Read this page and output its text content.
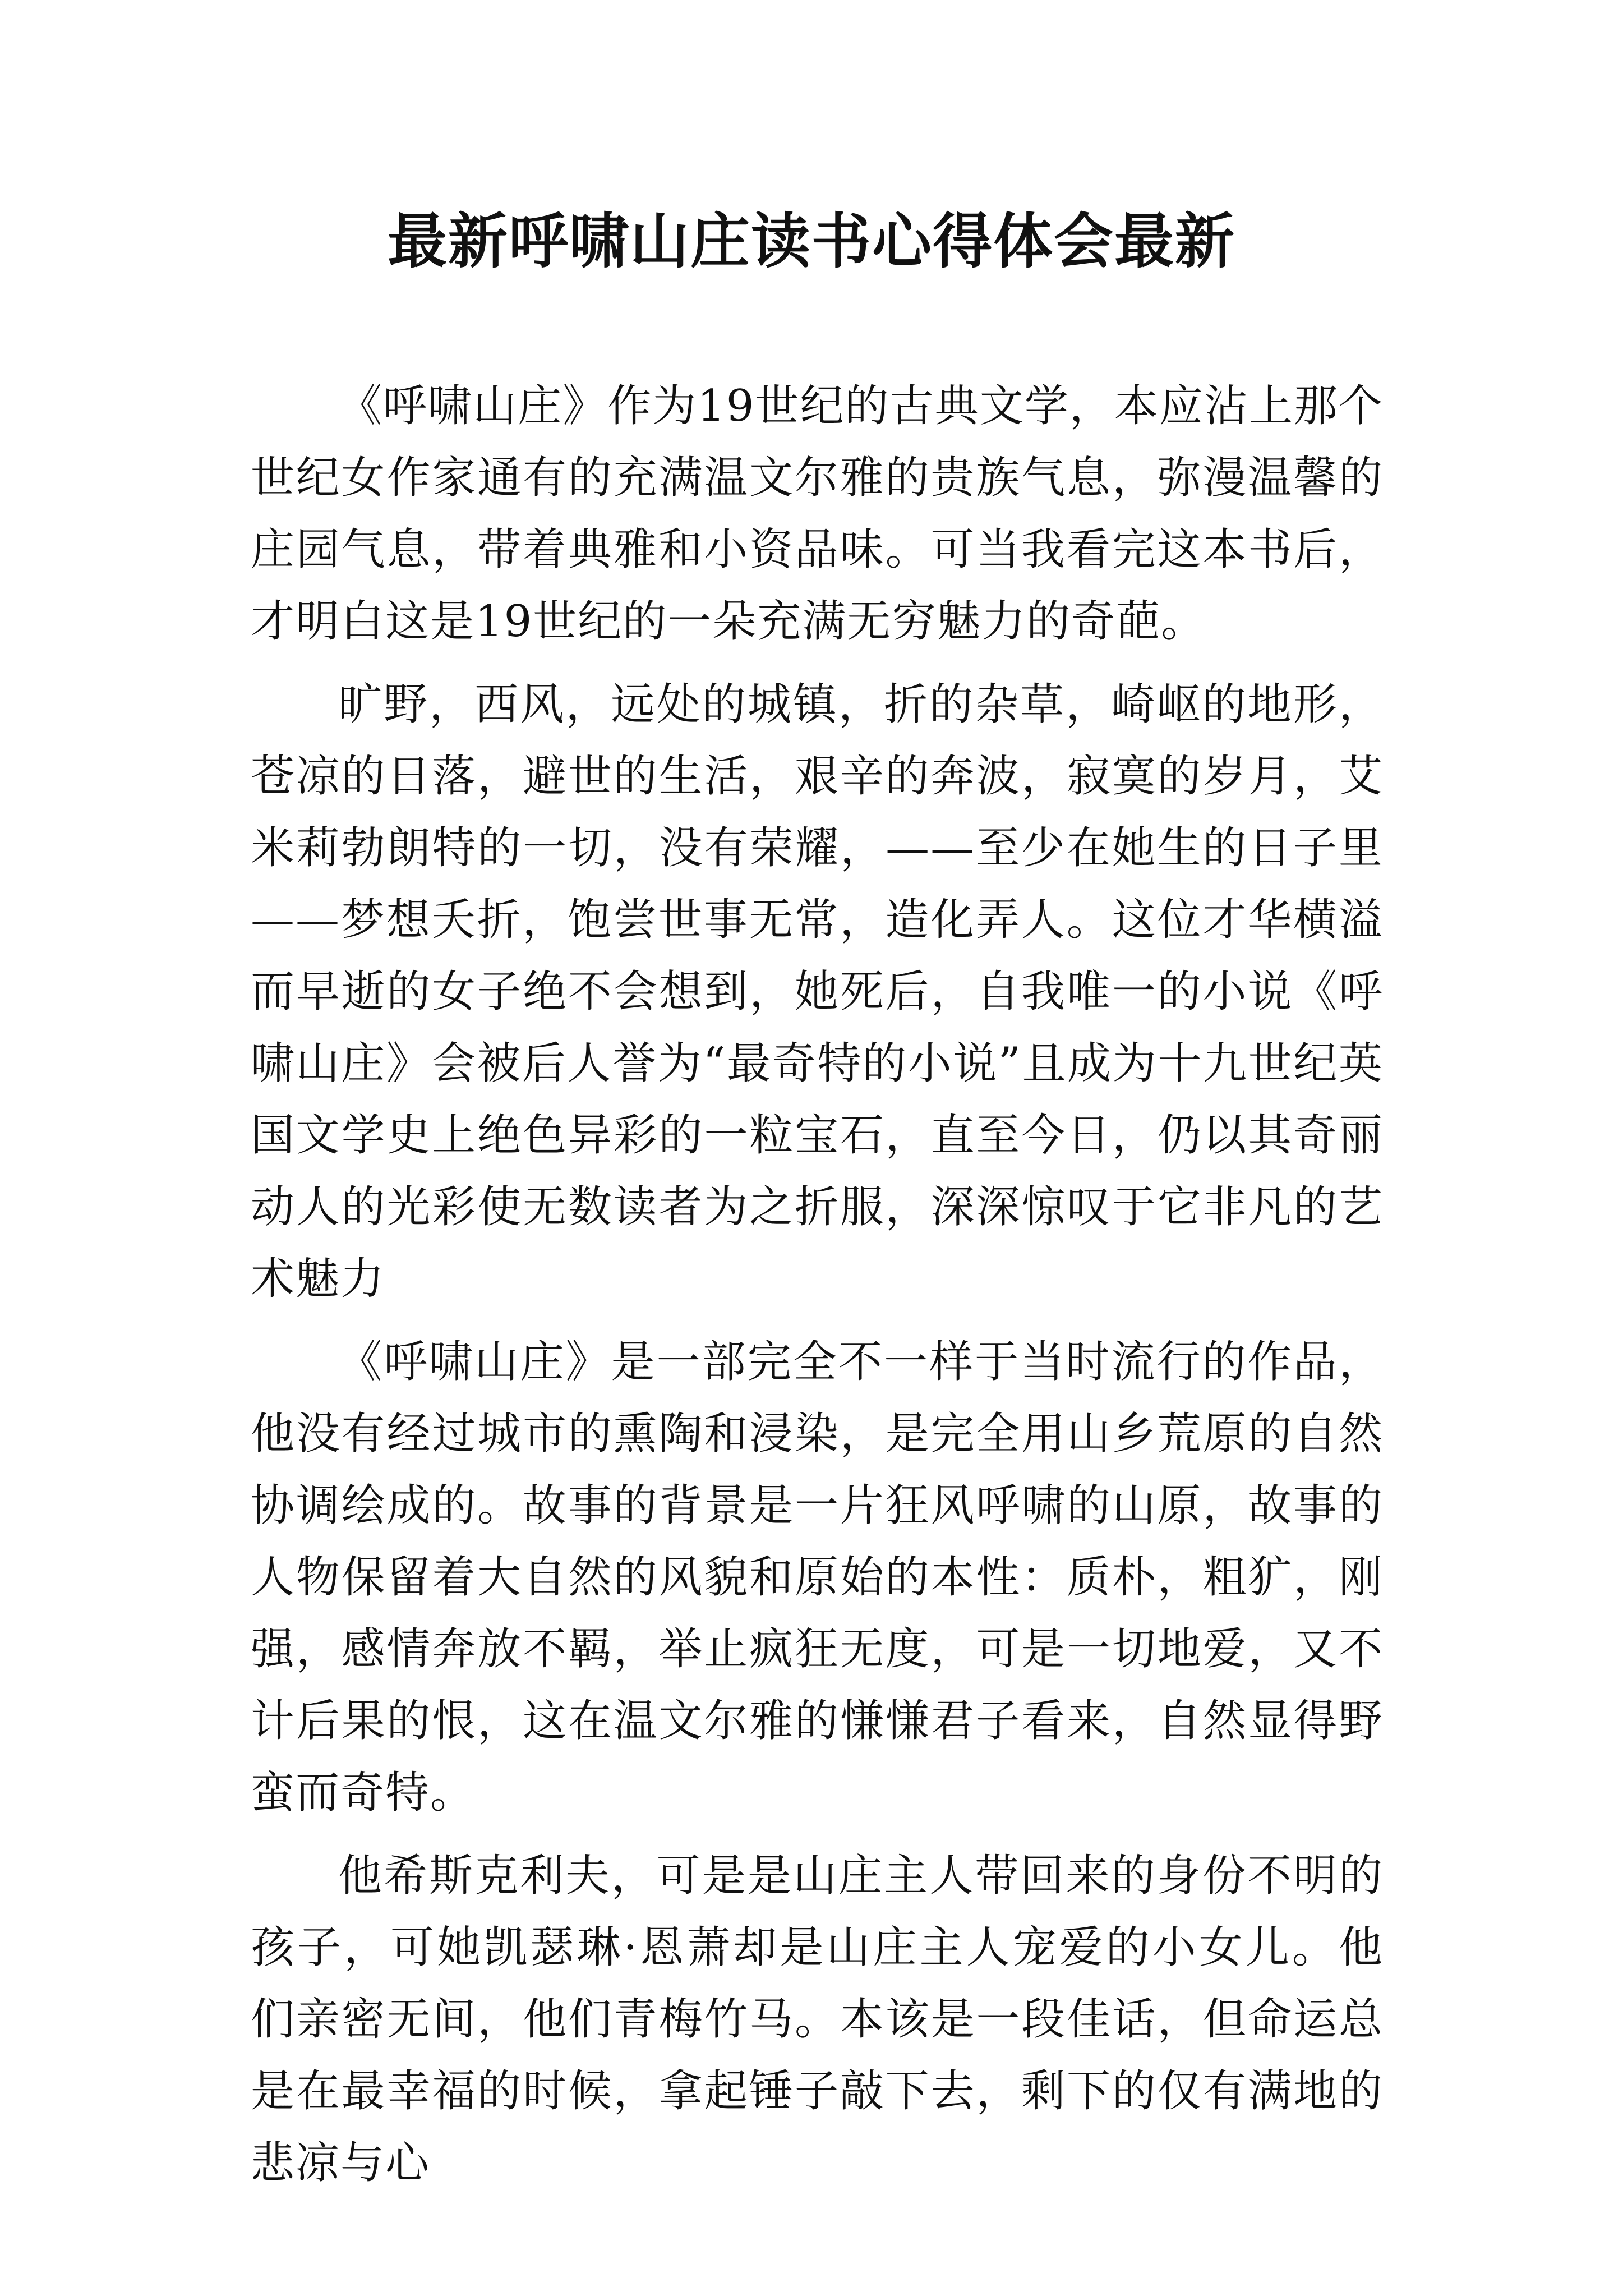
最新呼啸山庄读书心得体会最新

《呼啸山庄》作为19世纪的古典文学，本应沾上那个世纪女作家通有的充满温文尔雅的贵族气息，弥漫温馨的庄园气息，带着典雅和小资品味。可当我看完这本书后，才明白这是19世纪的一朵充满无穷魅力的奇葩。

旷野，西风，远处的城镇，折的杂草，崎岖的地形，苍凉的日落，避世的生活，艰辛的奔波，寂寞的岁月，艾米莉勃朗特的一切，没有荣耀，——至少在她生的日子里——梦想夭折，饱尝世事无常，造化弄人。这位才华横溢而早逝的女子绝不会想到，她死后，自我唯一的小说《呼啸山庄》会被后人誉为“最奇特的小说”且成为十九世纪英国文学史上绝色异彩的一粒宝石，直至今日，仍以其奇丽动人的光彩使无数读者为之折服，深深惊叹于它非凡的艺术魅力

《呼啸山庄》是一部完全不一样于当时流行的作品，他没有经过城市的熏陶和浸染，是完全用山乡荒原的自然协调绘成的。故事的背景是一片狂风呼啸的山原，故事的人物保留着大自然的风貌和原始的本性：质朴，粗犷，刚强，感情奔放不羁，举止疯狂无度，可是一切地爱，又不计后果的恨，这在温文尔雅的慊慊君子看来，自然显得野蛮而奇特。

他希斯克利夫，可是是山庄主人带回来的身份不明的孩子，可她凯瑟琳·恩萧却是山庄主人宠爱的小女儿。他们亲密无间，他们青梅竹马。本该是一段佳话，但命运总是在最幸福的时候，拿起锤子敲下去，剩下的仅有满地的悲凉与心
